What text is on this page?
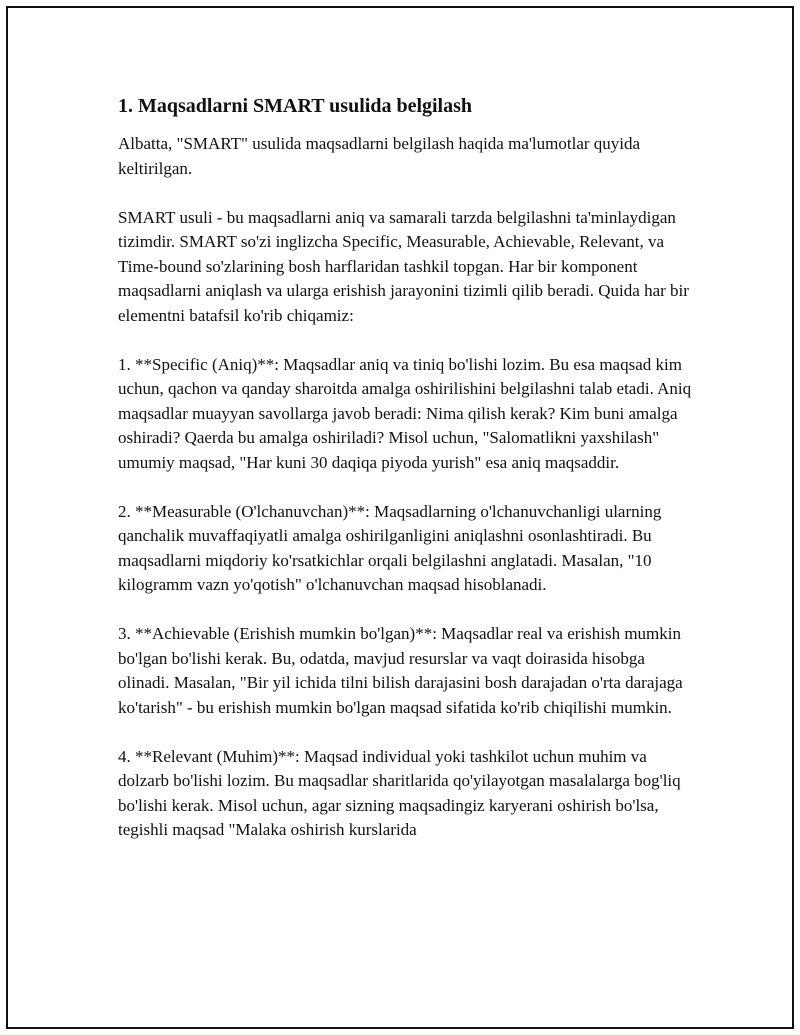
1. Maqsadlarni SMART usulida belgilash

Albatta, "SMART" usulida maqsadlarni belgilash haqida ma'lumotlar quyida keltirilgan.

SMART usuli - bu maqsadlarni aniq va samarali tarzda belgilashni ta'minlaydigan tizimdir. SMART so'zi inglizcha Specific, Measurable, Achievable, Relevant, va Time-bound so'zlarining bosh harflaridan tashkil topgan. Har bir komponent maqsadlarni aniqlash va ularga erishish jarayonini tizimli qilib beradi. Quida har bir elementni batafsil ko'rib chiqamiz:

1. **Specific (Aniq)**: Maqsadlar aniq va tiniq bo'lishi lozim. Bu esa maqsad kim uchun, qachon va qanday sharoitda amalga oshirilishini belgilashni talab etadi. Aniq maqsadlar muayyan savollarga javob beradi: Nima qilish kerak? Kim buni amalga oshiradi? Qaerda bu amalga oshiriladi? Misol uchun, "Salomatlikni yaxshilash" umumiy maqsad, "Har kuni 30 daqiqa piyoda yurish" esa aniq maqsaddir.

2. **Measurable (O'lchanuvchan)**: Maqsadlarning o'lchanuvchanligi ularning qanchalik muvaffaqiyatli amalga oshirilganligini aniqlashni osonlashtiradi. Bu maqsadlarni miqdoriy ko'rsatkichlar orqali belgilashni anglatadi. Masalan, "10 kilogramm vazn yo'qotish" o'lchanuvchan maqsad hisoblanadi.

3. **Achievable (Erishish mumkin bo'lgan)**: Maqsadlar real va erishish mumkin bo'lgan bo'lishi kerak. Bu, odatda, mavjud resurslar va vaqt doirasida hisobga olinadi. Masalan, "Bir yil ichida tilni bilish darajasini bosh darajadan o'rta darajaga ko'tarish" - bu erishish mumkin bo'lgan maqsad sifatida ko'rib chiqilishi mumkin.

4. **Relevant (Muhim)**: Maqsad individual yoki tashkilot uchun muhim va dolzarb bo'lishi lozim. Bu maqsadlar sharitlarida qo'yilayotgan masalalarga bog'liq bo'lishi kerak. Misol uchun, agar sizning maqsadingiz karyerani oshirish bo'lsa, tegishli maqsad "Malaka oshirish kurslarida
